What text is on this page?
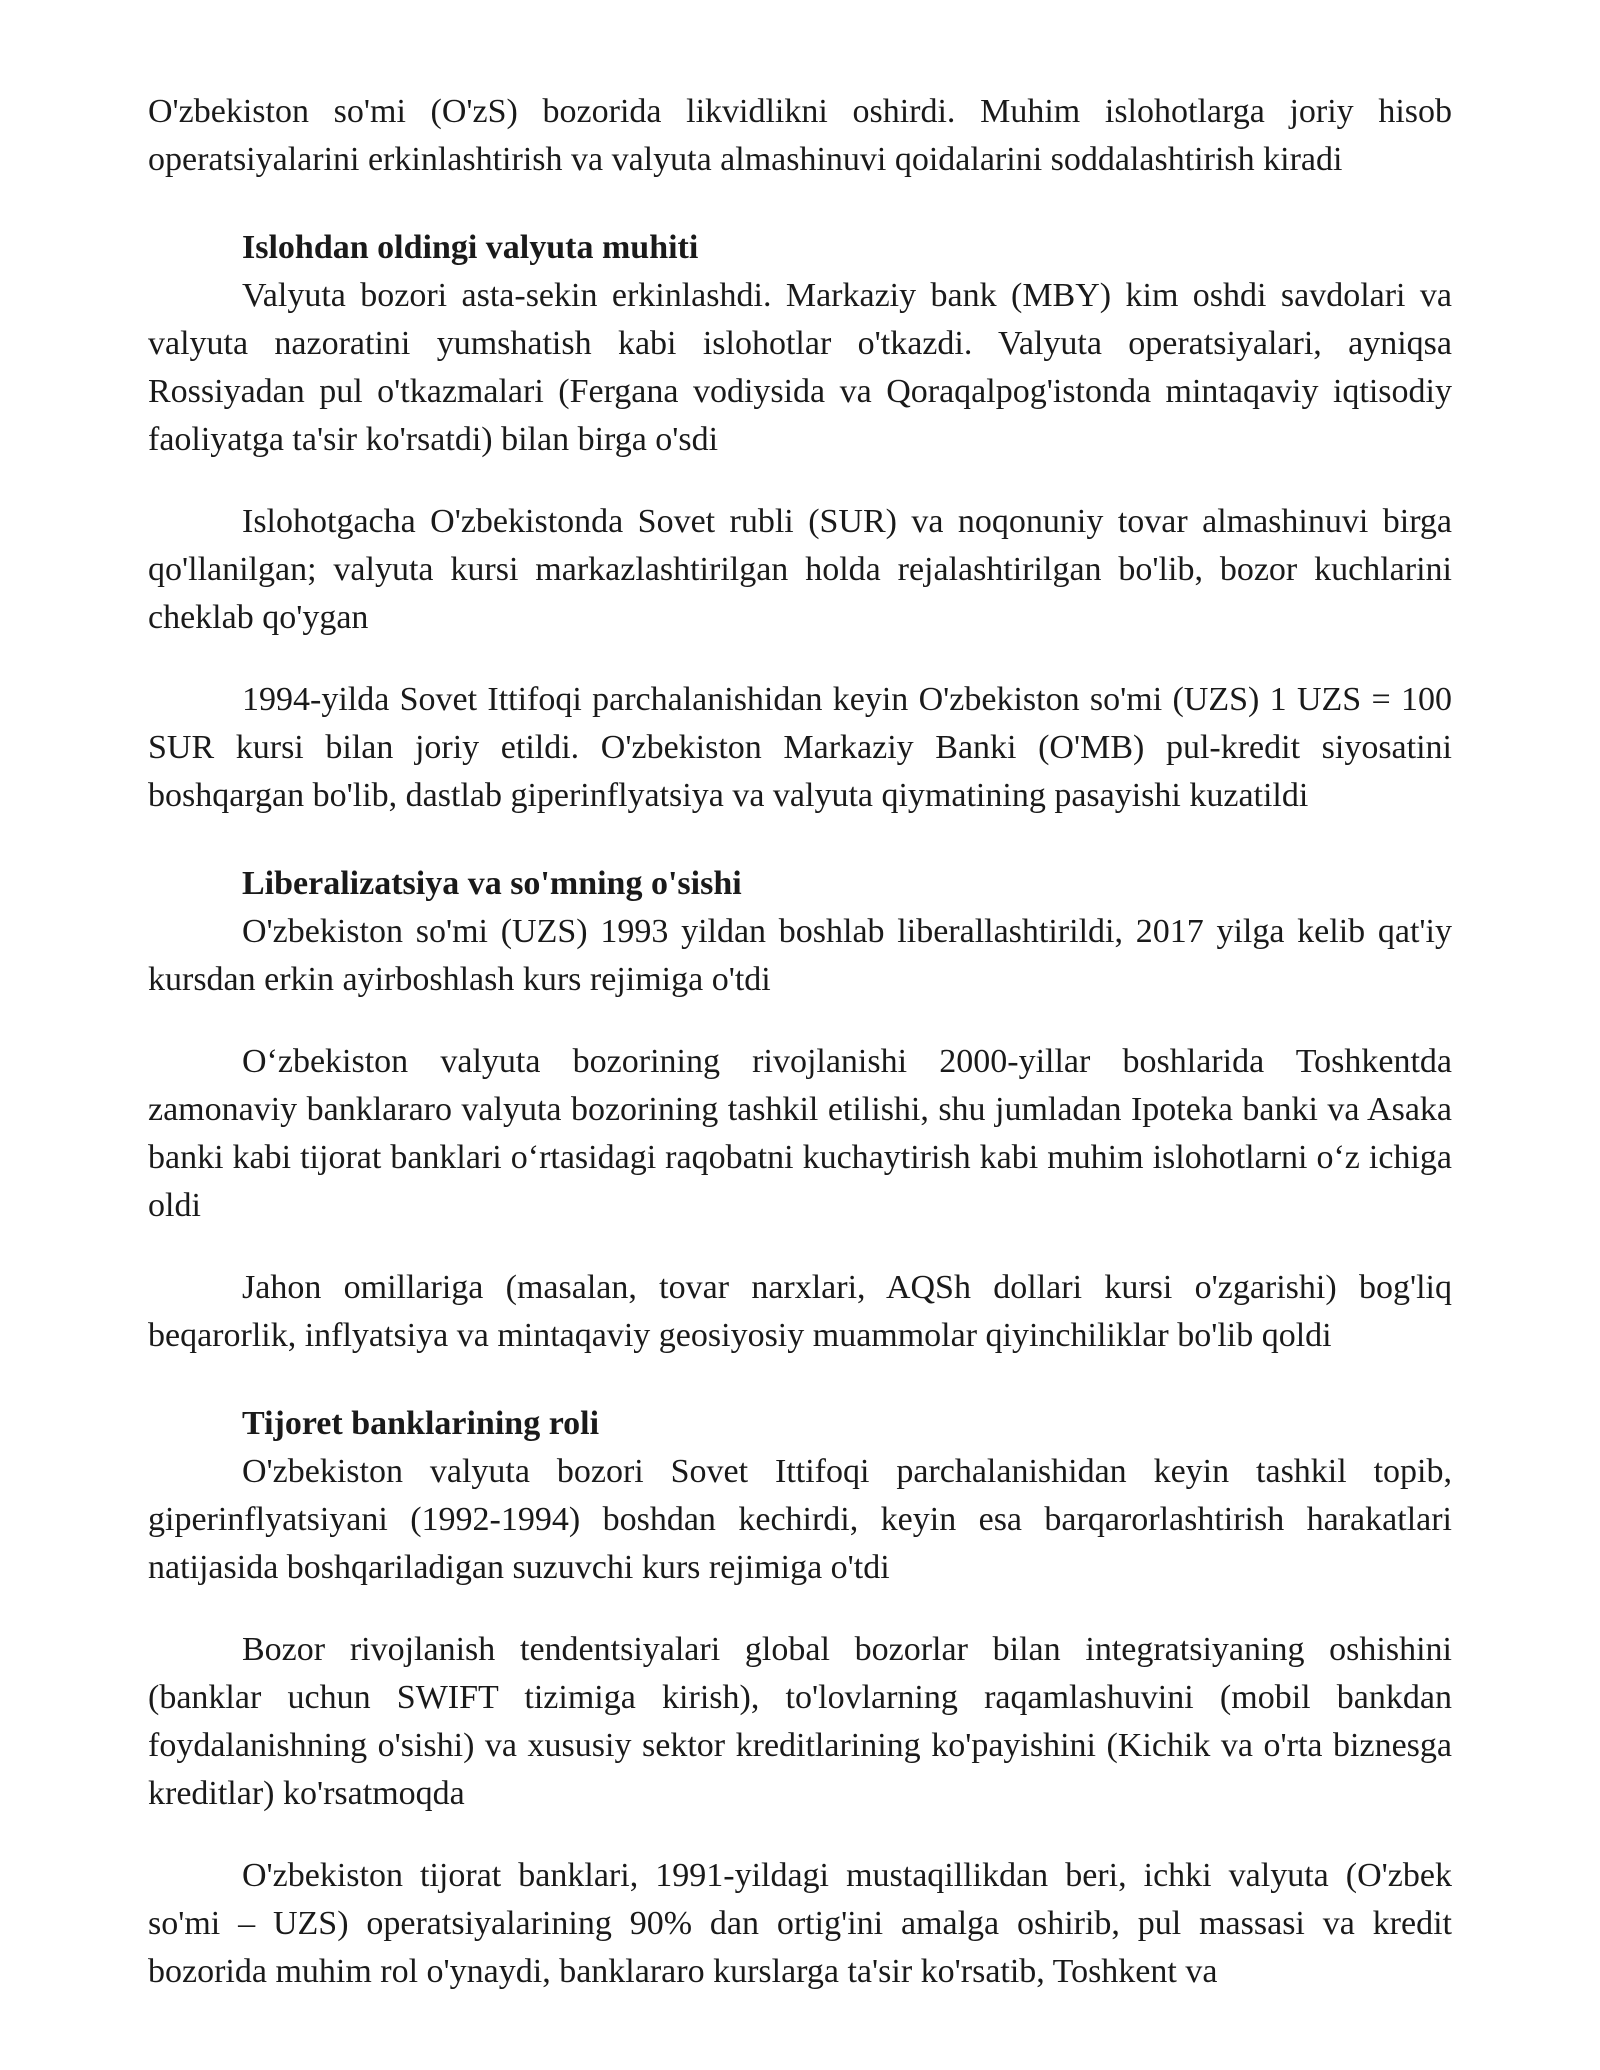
O'zbekiston so'mi (O'zS) bozorida likvidlikni oshirdi. Muhim islohotlarga joriy hisob operatsiyalarini erkinlashtirish va valyuta almashinuvi qoidalarini soddalashtirish kiradi

Islohdan oldingi valyuta muhiti

Valyuta bozori asta-sekin erkinlashdi. Markaziy bank (MBY) kim oshdi savdolari va valyuta nazoratini yumshatish kabi islohotlar o'tkazdi. Valyuta operatsiyalari, ayniqsa Rossiyadan pul o'tkazmalari (Fergana vodiysida va Qoraqalpog'istonda mintaqaviy iqtisodiy faoliyatga ta'sir ko'rsatdi) bilan birga o'sdi

Islohotgacha O'zbekistonda Sovet rubli (SUR) va noqonuniy tovar almashinuvi birga qo'llanilgan; valyuta kursi markazlashtirilgan holda rejalashtirilgan bo'lib, bozor kuchlarini cheklab qo'ygan

1994-yilda Sovet Ittifoqi parchalanishidan keyin O'zbekiston so'mi (UZS) 1 UZS = 100 SUR kursi bilan joriy etildi. O'zbekiston Markaziy Banki (O'MB) pul-kredit siyosatini boshqargan bo'lib, dastlab giperinflyatsiya va valyuta qiymatining pasayishi kuzatildi

Liberalizatsiya va so'mning o'sishi

O'zbekiston so'mi (UZS) 1993 yildan boshlab liberallashtirildi, 2017 yilga kelib qat'iy kursdan erkin ayirboshlash kurs rejimiga o'tdi

O‘zbekiston valyuta bozorining rivojlanishi 2000-yillar boshlarida Toshkentda zamonaviy banklararo valyuta bozorining tashkil etilishi, shu jumladan Ipoteka banki va Asaka banki kabi tijorat banklari o‘rtasidagi raqobatni kuchaytirish kabi muhim islohotlarni o‘z ichiga oldi

Jahon omillariga (masalan, tovar narxlari, AQSh dollari kursi o'zgarishi) bog'liq beqarorlik, inflyatsiya va mintaqaviy geosiyosiy muammolar qiyinchiliklar bo'lib qoldi

Tijoret banklarining roli

O'zbekiston valyuta bozori Sovet Ittifoqi parchalanishidan keyin tashkil topib, giperinflyatsiyani (1992-1994) boshdan kechirdi, keyin esa barqarorlashtirish harakatlari natijasida boshqariladigan suzuvchi kurs rejimiga o'tdi

Bozor rivojlanish tendentsiyalari global bozorlar bilan integratsiyaning oshishini (banklar uchun SWIFT tizimiga kirish), to'lovlarning raqamlashuvini (mobil bankdan foydalanishning o'sishi) va xususiy sektor kreditlarining ko'payishini (Kichik va o'rta biznesga kreditlar) ko'rsatmoqda

O'zbekiston tijorat banklari, 1991-yildagi mustaqillikdan beri, ichki valyuta (O'zbek so'mi – UZS) operatsiyalarining 90% dan ortig'ini amalga oshirib, pul massasi va kredit bozorida muhim rol o'ynaydi, banklararo kurslarga ta'sir ko'rsatib, Toshkent va
